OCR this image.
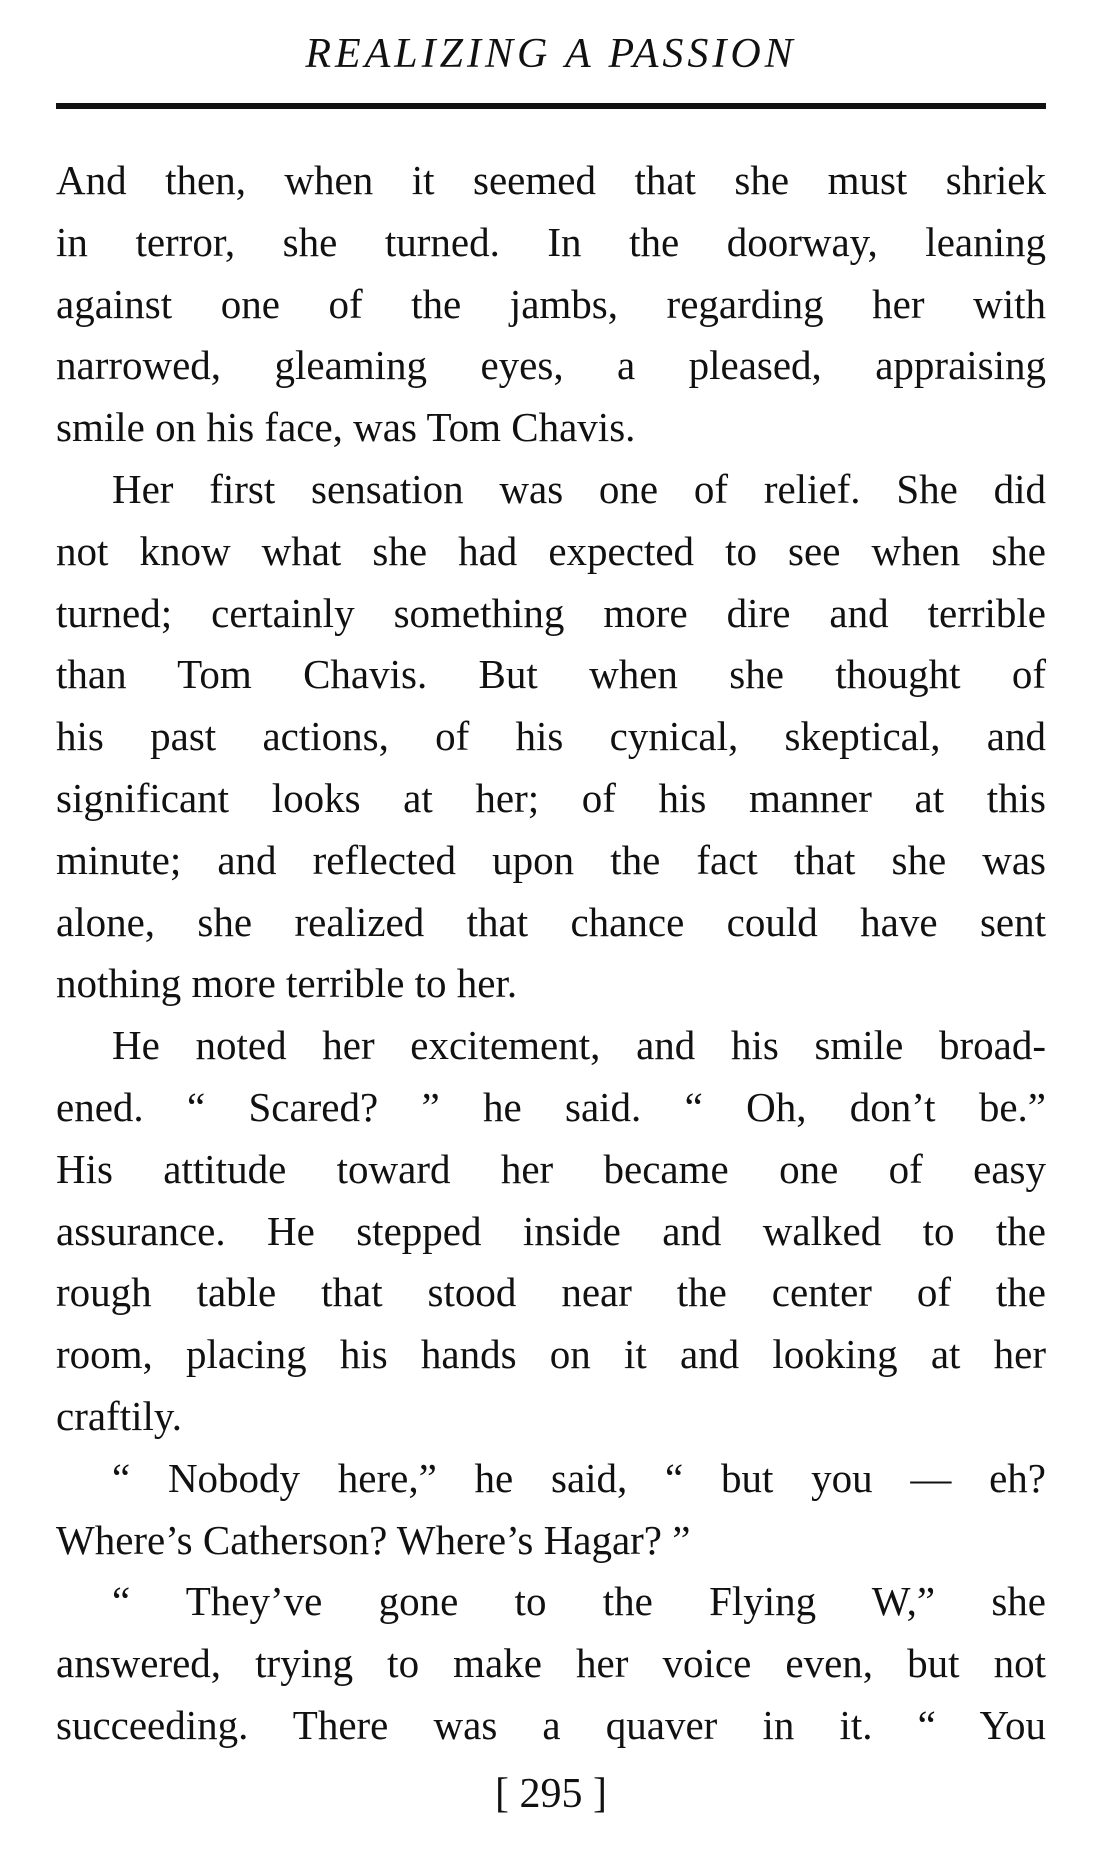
REALIZING A PASSION
And then, when it seemed that she must shriek
in terror, she turned. In the doorway, leaning
against one of the jambs, regarding her with
narrowed, gleaming eyes, a pleased, appraising
smile on his face, was Tom Chavis.
Her first sensation was one of relief. She did
not know what she had expected to see when she
turned; certainly something more dire and terrible
than Tom Chavis. But when she thought of
his past actions, of his cynical, skeptical, and
significant looks at her; of his manner at this
minute; and reflected upon the fact that she was
alone, she realized that chance could have sent
nothing more terrible to her.
He noted her excitement, and his smile broad-
ened. “ Scared? ” he said. “ Oh, don’t be.”
His attitude toward her became one of easy
assurance. He stepped inside and walked to the
rough table that stood near the center of the
room, placing his hands on it and looking at her
craftily.
“ Nobody here,” he said, “ but you — eh?
Where’s Catherson? Where’s Hagar? ”
“ They’ve gone to the Flying W,” she
answered, trying to make her voice even, but not
succeeding. There was a quaver in it. “ You
[ 295 ]
